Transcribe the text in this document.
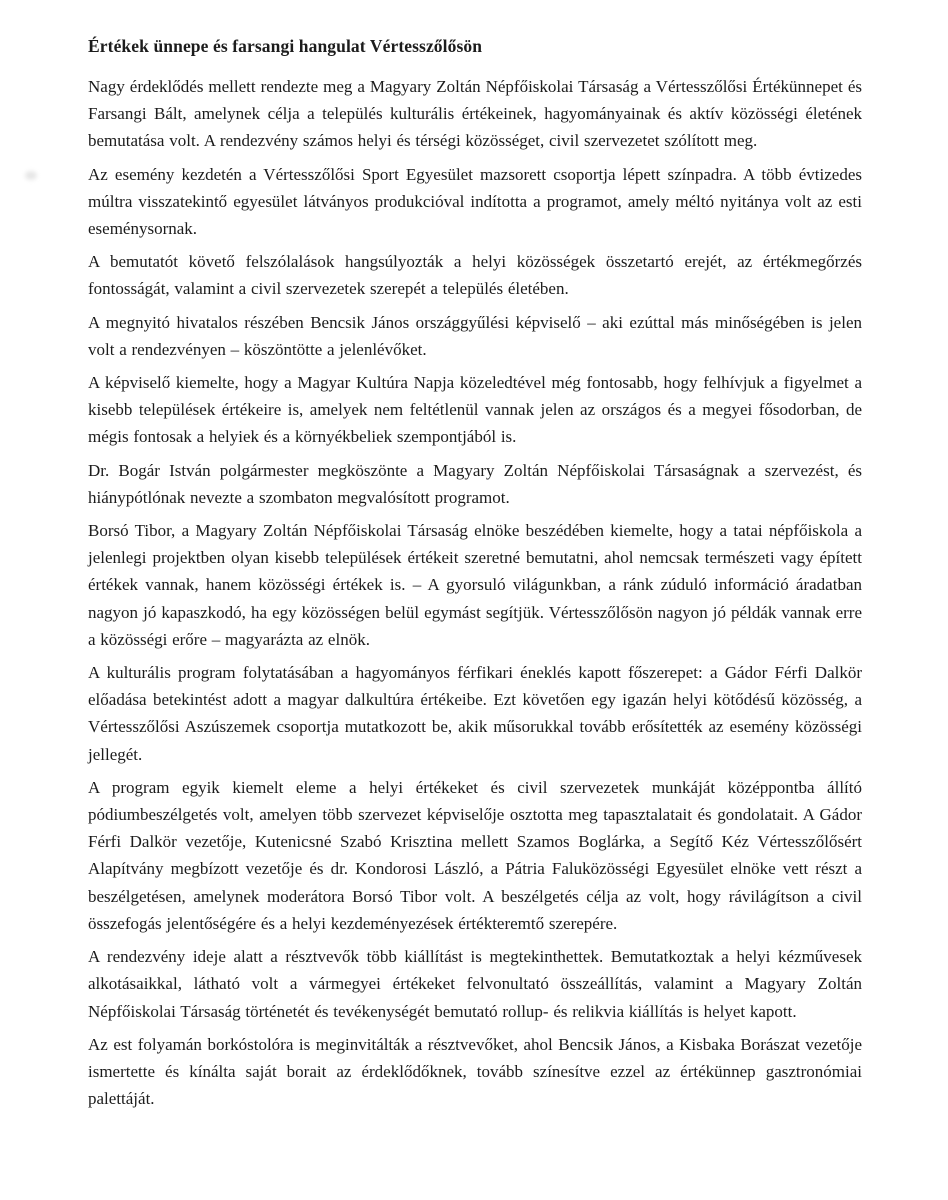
Értékek ünnepe és farsangi hangulat Vértesszőlősön

Nagy érdeklődés mellett rendezte meg a Magyary Zoltán Népfőiskolai Társaság a Vértesszőlősi Értékünnepet és Farsangi Bált, amelynek célja a település kulturális értékeinek, hagyományainak és aktív közösségi életének bemutatása volt. A rendezvény számos helyi és térségi közösséget, civil szervezetet szólított meg.

Az esemény kezdetén a Vértesszőlősi Sport Egyesület mazsorett csoportja lépett színpadra. A több évtizedes múltra visszatekintő egyesület látványos produkcióval indította a programot, amely méltó nyitánya volt az esti eseménysornak.

A bemutatót követő felszólalások hangsúlyozták a helyi közösségek összetartó erejét, az értékmegőrzés fontosságát, valamint a civil szervezetek szerepét a település életében.

A megnyitó hivatalos részében Bencsik János országgyűlési képviselő – aki ezúttal más minőségében is jelen volt a rendezvényen – köszöntötte a jelenlévőket.

A képviselő kiemelte, hogy a Magyar Kultúra Napja közeledtével még fontosabb, hogy felhívjuk a figyelmet a kisebb települések értékeire is, amelyek nem feltétlenül vannak jelen az országos és a megyei fősodorban, de mégis fontosak a helyiek és a környékbeliek szempontjából is.

Dr. Bogár István polgármester megköszönte a Magyary Zoltán Népfőiskolai Társaságnak a szervezést, és hiánypótlónak nevezte a szombaton megvalósított programot.

Borsó Tibor, a Magyary Zoltán Népfőiskolai Társaság elnöke beszédében kiemelte, hogy a tatai népfőiskola a jelenlegi projektben olyan kisebb települések értékeit szeretné bemutatni, ahol nemcsak természeti vagy épített értékek vannak, hanem közösségi értékek is. – A gyorsuló világunkban, a ránk zúduló információ áradatban nagyon jó kapaszkodó, ha egy közösségen belül egymást segítjük. Vértesszőlősön nagyon jó példák vannak erre a közösségi erőre – magyarázta az elnök.

A kulturális program folytatásában a hagyományos férfikari éneklés kapott főszerepet: a Gádor Férfi Dalkör előadása betekintést adott a magyar dalkultúra értékeibe. Ezt követően egy igazán helyi kötődésű közösség, a Vértesszőlősi Aszúszemek csoportja mutatkozott be, akik műsorukkal tovább erősítették az esemény közösségi jellegét.

A program egyik kiemelt eleme a helyi értékeket és civil szervezetek munkáját középpontba állító pódiumbeszélgetés volt, amelyen több szervezet képviselője osztotta meg tapasztalatait és gondolatait. A Gádor Férfi Dalkör vezetője, Kutenicsné Szabó Krisztina mellett Szamos Boglárka, a Segítő Kéz Vértesszőlősért Alapítvány megbízott vezetője és dr. Kondorosi László, a Pátria Faluközösségi Egyesület elnöke vett részt a beszélgetésen, amelynek moderátora Borsó Tibor volt. A beszélgetés célja az volt, hogy rávilágítson a civil összefogás jelentőségére és a helyi kezdeményezések értékteremtő szerepére.

A rendezvény ideje alatt a résztvevők több kiállítást is megtekinthettek. Bemutatkoztak a helyi kézművesek alkotásaikkal, látható volt a vármegyei értékeket felvonultató összeállítás, valamint a Magyary Zoltán Népfőiskolai Társaság történetét és tevékenységét bemutató rollup- és relikvia kiállítás is helyet kapott.

Az est folyamán borkóstolóra is meginvitálták a résztvevőket, ahol Bencsik János, a Kisbaka Borászat vezetője ismertette és kínálta saját borait az érdeklődőknek, tovább színesítve ezzel az értékünnep gasztronómiai palettáját.
